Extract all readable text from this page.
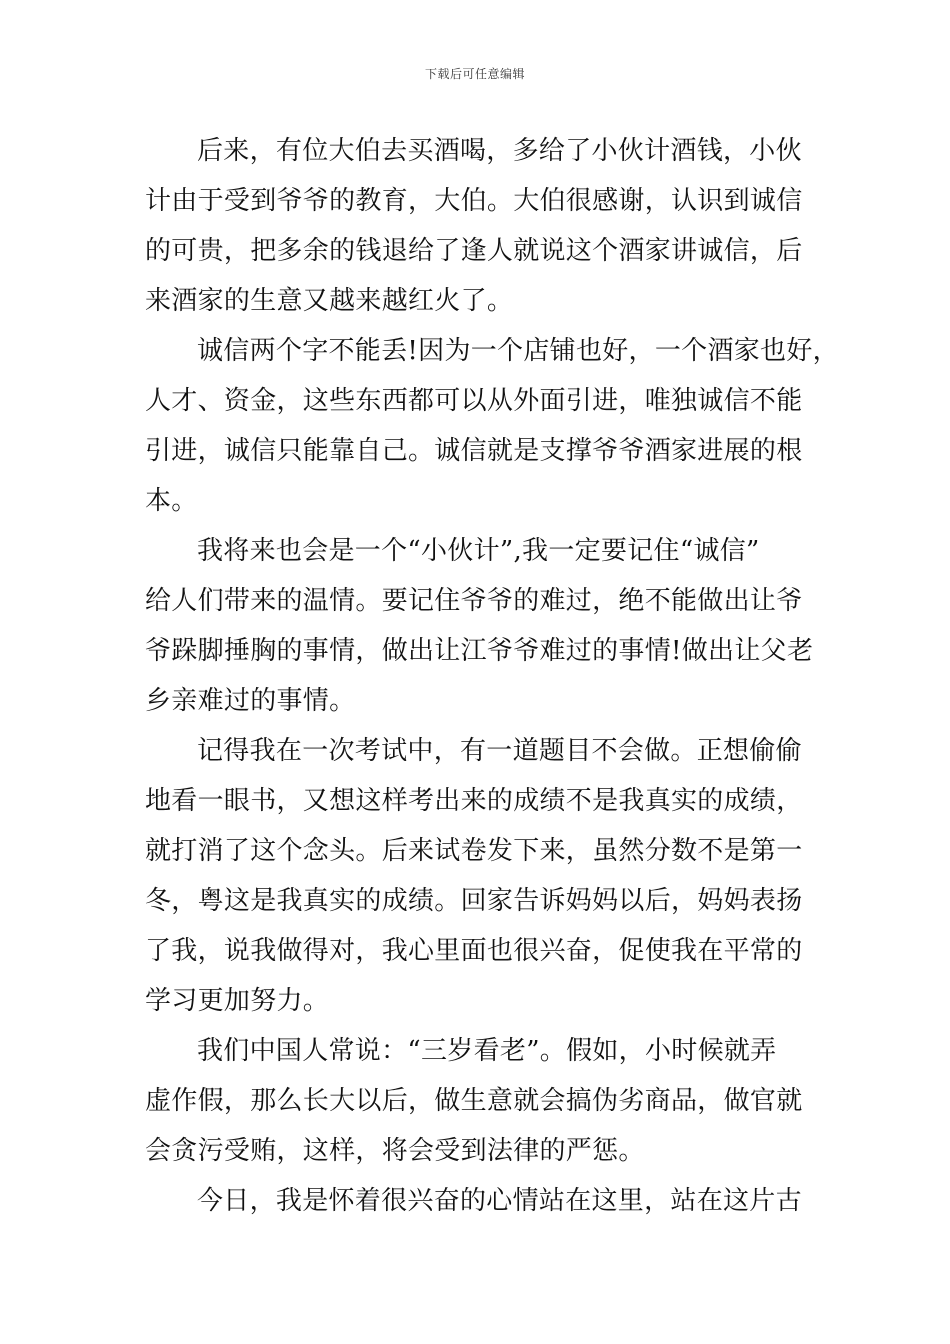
下载后可任意编辑
后来，有位大伯去买酒喝，多给了小伙计酒钱，小伙
计由于受到爷爷的教育，大伯。大伯很感谢，认识到诚信
的可贵，把多余的钱退给了逢人就说这个酒家讲诚信，后
来酒家的生意又越来越红火了。
诚信两个字不能丢!因为一个店铺也好，一个酒家也好，
人才、资金，这些东西都可以从外面引进，唯独诚信不能
引进，诚信只能靠自己。诚信就是支撑爷爷酒家进展的根
本。
我将来也会是一个“小伙计”,我一定要记住“诚信”
给人们带来的温情。要记住爷爷的难过，绝不能做出让爷
爷跺脚捶胸的事情，做出让江爷爷难过的事情!做出让父老
乡亲难过的事情。
记得我在一次考试中，有一道题目不会做。正想偷偷
地看一眼书，又想这样考出来的成绩不是我真实的成绩，
就打消了这个念头。后来试卷发下来，虽然分数不是第一
冬，粤这是我真实的成绩。回家告诉妈妈以后，妈妈表扬
了我，说我做得对，我心里面也很兴奋，促使我在平常的
学习更加努力。
我们中国人常说：“三岁看老”。假如，小时候就弄
虚作假，那么长大以后，做生意就会搞伪劣商品，做官就
会贪污受贿，这样，将会受到法律的严惩。
今日，我是怀着很兴奋的心情站在这里，站在这片古
